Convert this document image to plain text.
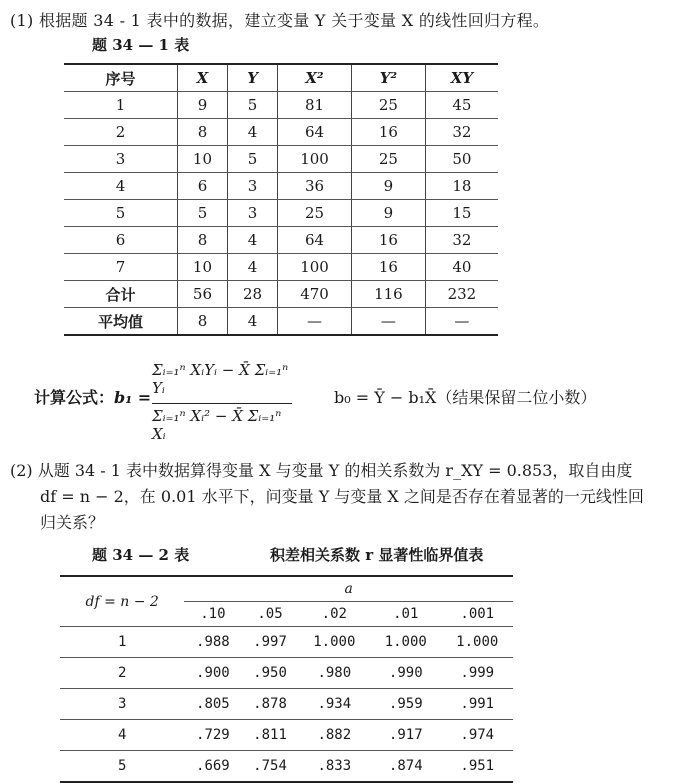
(1) 根据题 34 - 1 表中的数据，建立变量 Y 关于变量 X 的线性回归方程。
题 34 — 1 表
序号	X	Y	X²	Y²	XY
1	9	5	81	25	45
2	8	4	64	16	32
3	10	5	100	25	50
4	6	3	36	9	18
5	5	3	25	9	15
6	8	4	64	16	32
7	10	4	100	16	40
合计	56	28	470	116	232
平均值	8	4	—	—	—
计算公式：b₁ =
Σᵢ₌₁ⁿ XᵢYᵢ − X̄ Σᵢ₌₁ⁿ Yᵢ
Σᵢ₌₁ⁿ Xᵢ² − X̄ Σᵢ₌₁ⁿ Xᵢ
b₀ = Ȳ − b₁X̄（结果保留二位小数）
(2) 从题 34 - 1 表中数据算得变量 X 与变量 Y 的相关系数为 r_XY = 0.853，取自由度
df = n − 2，在 0.01 水平下，问变量 Y 与变量 X 之间是否存在着显著的一元线性回
归关系？
题 34 — 2 表	积差相关系数 r 显著性临界值表
df = n − 2	a				
	.10	.05	.02	.01	.001
1	.988	.997	1.000	1.000	1.000
2	.900	.950	.980	.990	.999
3	.805	.878	.934	.959	.991
4	.729	.811	.882	.917	.974
5	.669	.754	.833	.874	.951
